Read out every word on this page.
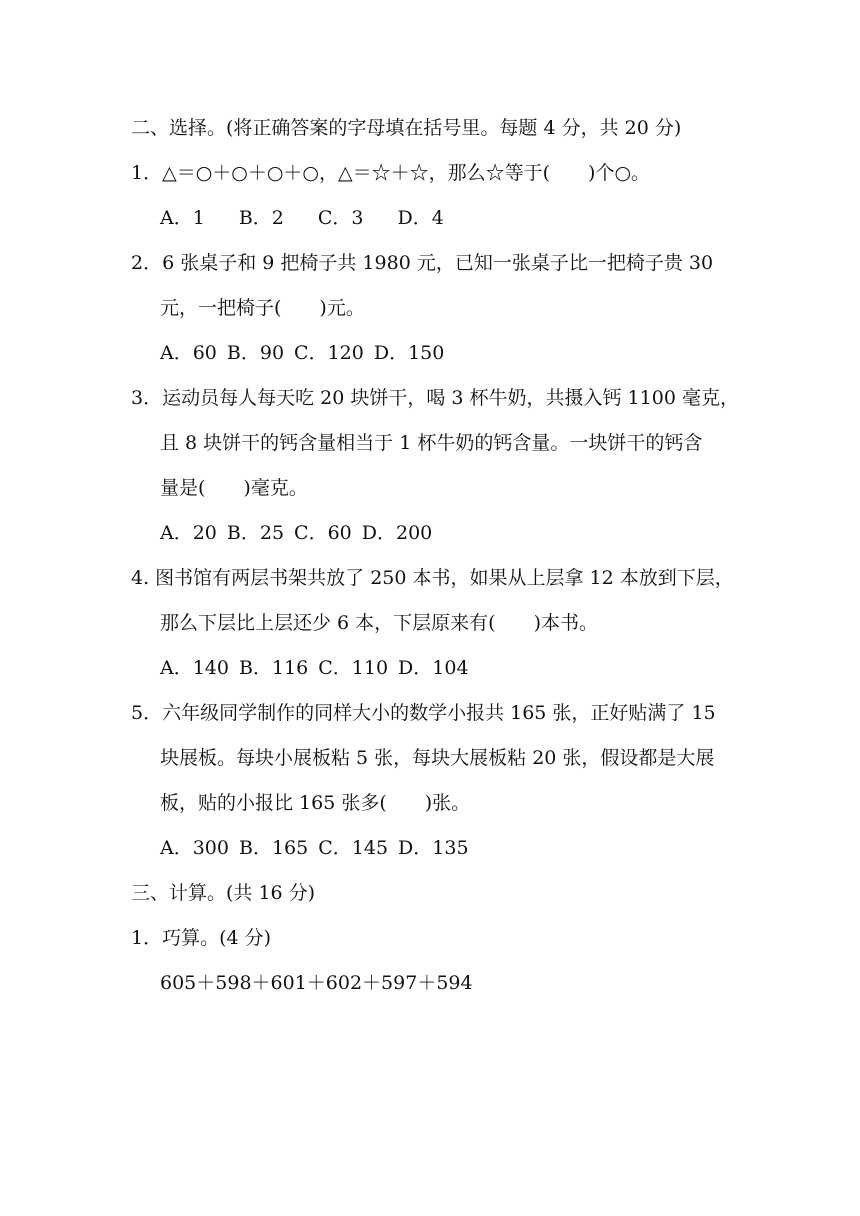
二、选择。(将正确答案的字母填在括号里。每题 4 分，共 20 分)
1．△＝○＋○＋○＋○，△＝☆＋☆，那么☆等于(　　)个○。
A．1 B．2 C．3 D．4
2．6 张桌子和 9 把椅子共 1980 元，已知一张桌子比一把椅子贵 30
元，一把椅子(　　)元。
A．60 B．90 C．120 D．150
3．运动员每人每天吃 20 块饼干，喝 3 杯牛奶，共摄入钙 1100 毫克，
且 8 块饼干的钙含量相当于 1 杯牛奶的钙含量。一块饼干的钙含
量是(　　)毫克。
A．20 B．25 C．60 D．200
4. 图书馆有两层书架共放了 250 本书，如果从上层拿 12 本放到下层，
那么下层比上层还少 6 本，下层原来有(　　)本书。
A．140 B．116 C．110 D．104
5．六年级同学制作的同样大小的数学小报共 165 张，正好贴满了 15
块展板。每块小展板粘 5 张，每块大展板粘 20 张，假设都是大展
板，贴的小报比 165 张多(　　)张。
A．300 B．165 C．145 D．135
三、计算。(共 16 分)
1．巧算。(4 分)
605＋598＋601＋602＋597＋594
